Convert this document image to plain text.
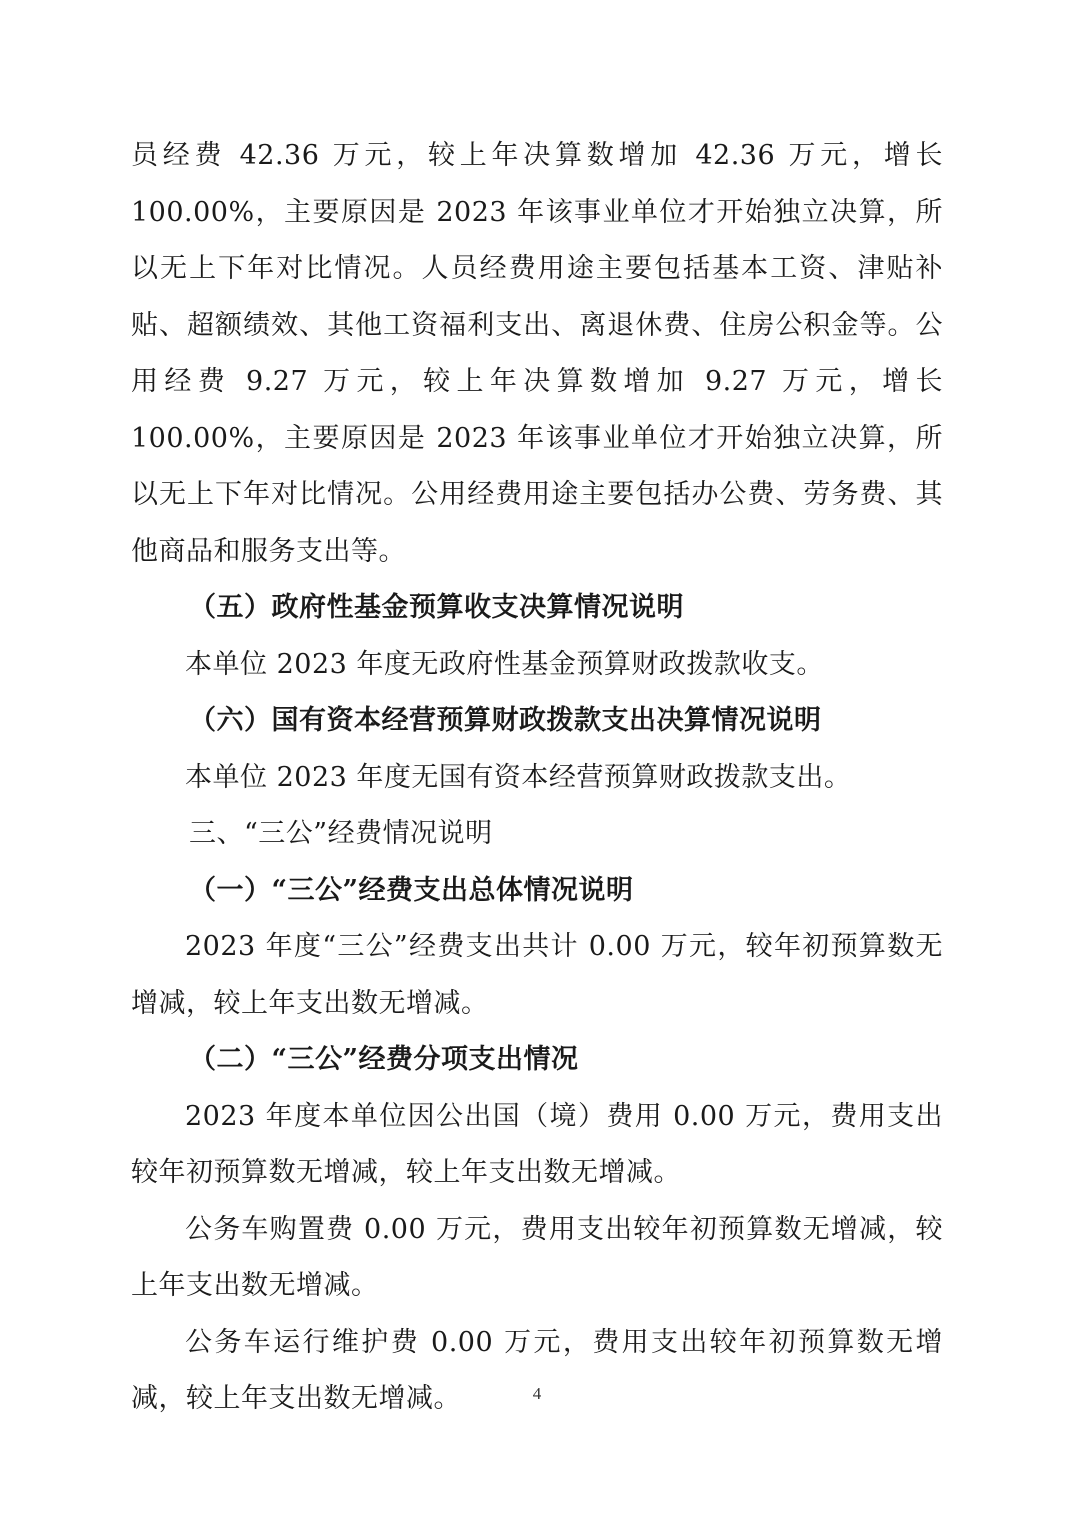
员经费 42.36 万元，较上年决算数增加 42.36 万元，增长 100.00%，主要原因是 2023 年该事业单位才开始独立决算，所以无上下年对比情况。人员经费用途主要包括基本工资、津贴补贴、超额绩效、其他工资福利支出、离退休费、住房公积金等。公用经费 9.27 万元，较上年决算数增加 9.27 万元，增长 100.00%，主要原因是 2023 年该事业单位才开始独立决算，所以无上下年对比情况。公用经费用途主要包括办公费、劳务费、其他商品和服务支出等。

（五）政府性基金预算收支决算情况说明

本单位 2023 年度无政府性基金预算财政拨款收支。

（六）国有资本经营预算财政拨款支出决算情况说明

本单位 2023 年度无国有资本经营预算财政拨款支出。

三、“三公”经费情况说明

（一）“三公”经费支出总体情况说明

2023 年度“三公”经费支出共计 0.00 万元，较年初预算数无增减，较上年支出数无增减。

（二）“三公”经费分项支出情况

2023 年度本单位因公出国（境）费用 0.00 万元，费用支出较年初预算数无增减，较上年支出数无增减。

公务车购置费 0.00 万元，费用支出较年初预算数无增减，较上年支出数无增减。

公务车运行维护费 0.00 万元，费用支出较年初预算数无增减，较上年支出数无增减。	4
